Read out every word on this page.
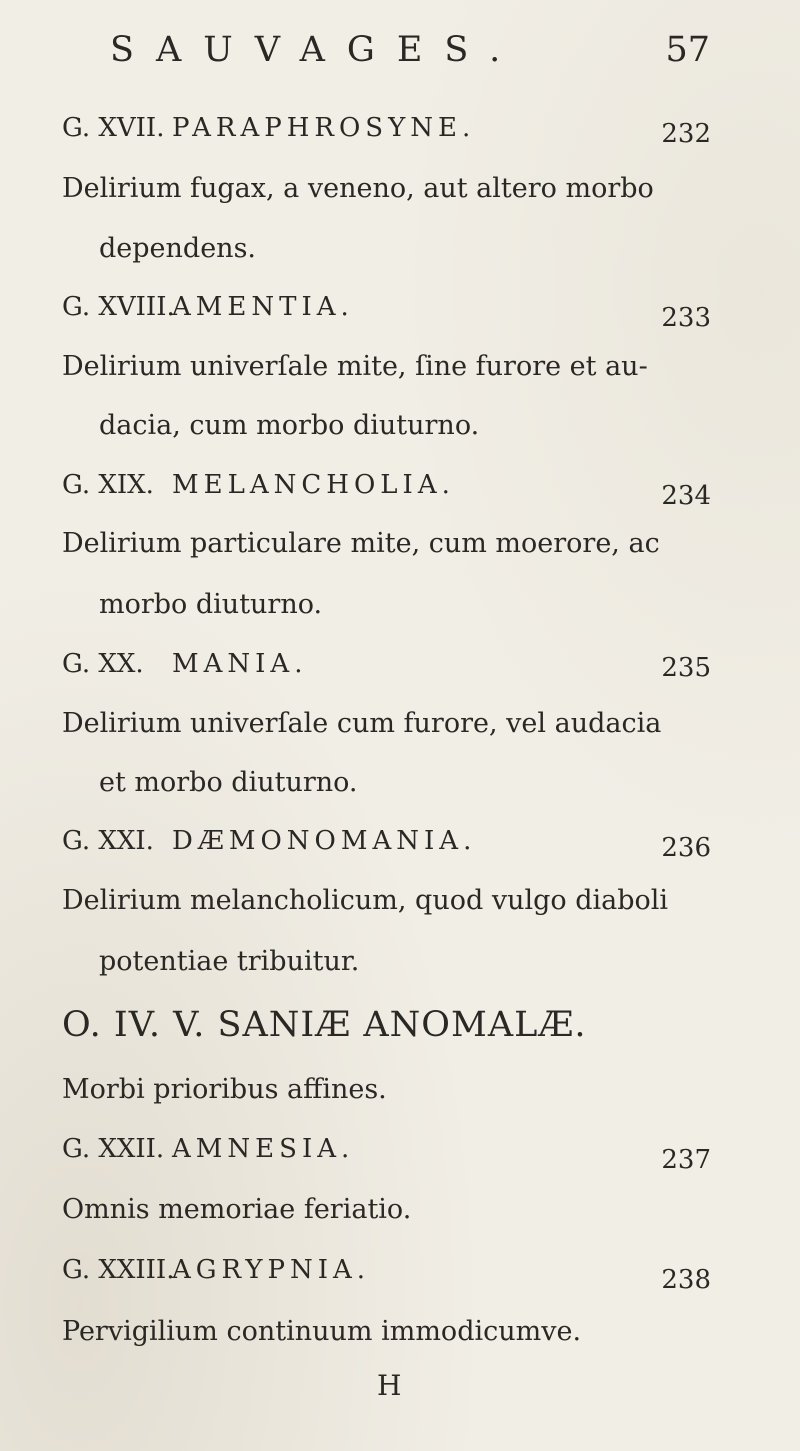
SAUVAGES.	57
G. XVII. PARAPHROSYNE.	232
Delirium fugax, a veneno, aut altero morbo
dependens.
G. XVIII.AMENTIA.	233
Delirium univerſale mite, ſine furore et au-
dacia, cum morbo diuturno.
G. XIX. MELANCHOLIA.	234
Delirium particulare mite, cum moerore, ac
morbo diuturno.
G. XX. MANIA.	235
Delirium univerſale cum furore, vel audacia
et morbo diuturno.
G. XXI. DÆMONOMANIA.	236
Delirium melancholicum, quod vulgo diaboli
potentiae tribuitur.
O. IV. V. SANIÆ ANOMALÆ.
Morbi prioribus affines.
G. XXII. AMNESIA.	237
Omnis memoriae feriatio.
G. XXIII.AGRYPNIA.	238
Pervigilium continuum immodicumve.
H
